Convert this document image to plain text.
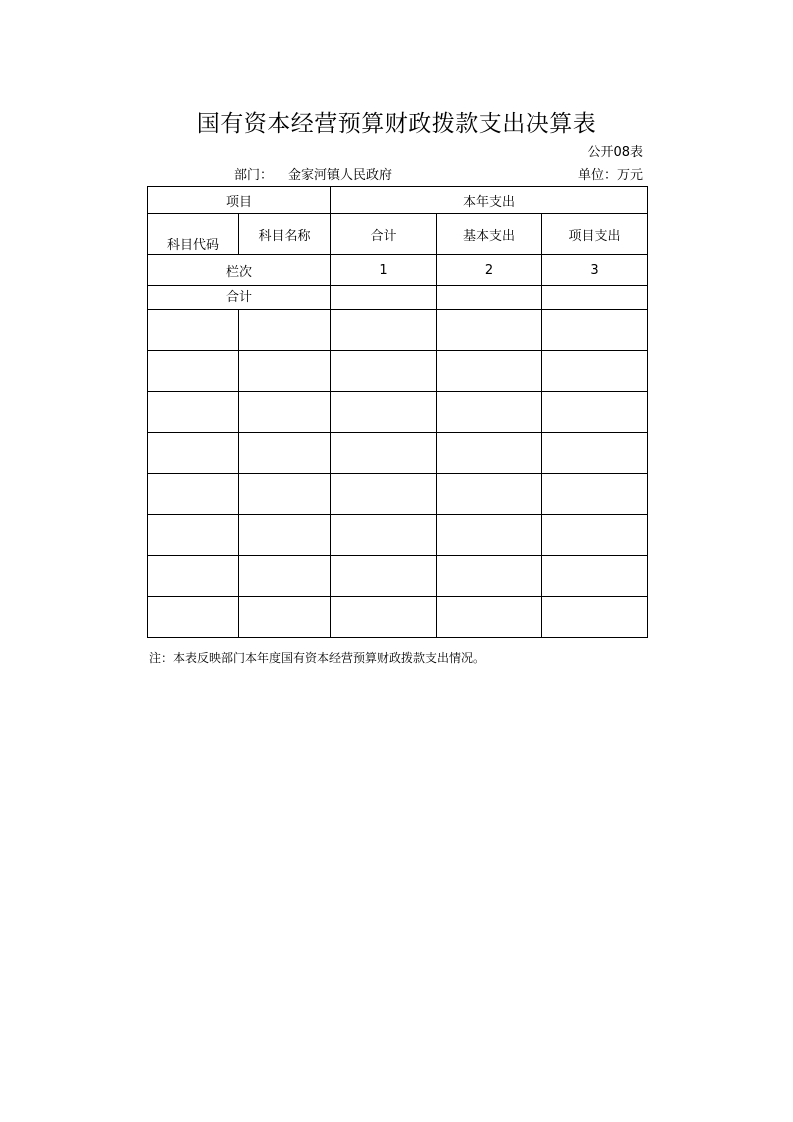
国有资本经营预算财政拨款支出决算表
公开08表
部门： 金家河镇人民政府	单位：万元
项目		本年支出		
科目代码	科目名称	合计	基本支出	项目支出
栏次		1	2	3
合计				

注：本表反映部门本年度国有资本经营预算财政拨款支出情况。
